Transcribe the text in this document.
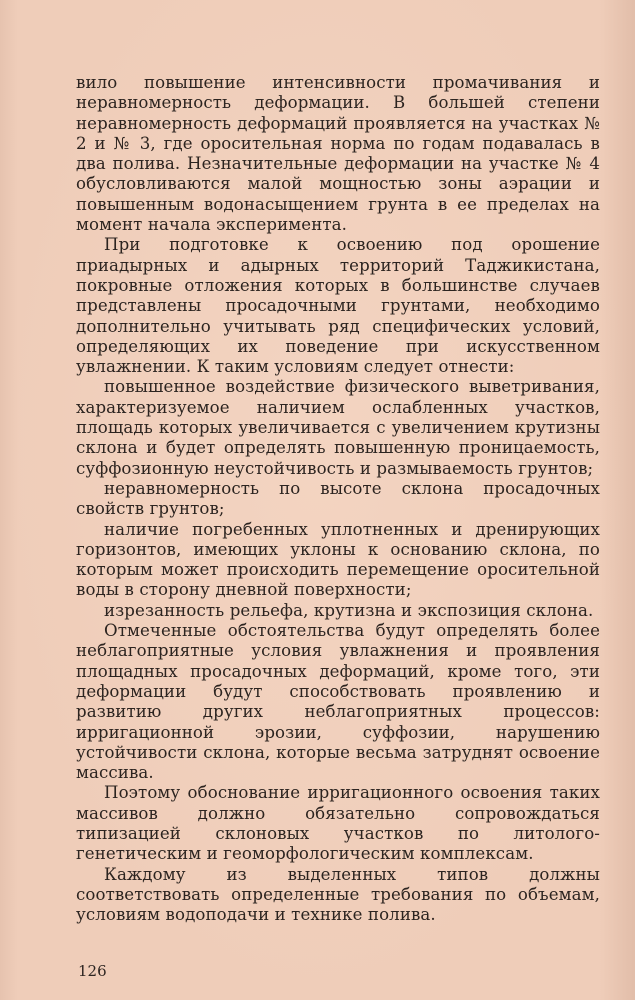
вило повышение интенсивности промачивания и неравномерность деформации. В большей степени неравномерность деформаций проявляется на участках № 2 и № 3, где оросительная норма по годам подавалась в два полива. Незначительные деформации на участке № 4 обусловливаются малой мощностью зоны аэрации и повышенным водонасыщением грунта в ее пределах на момент начала эксперимента.

При подготовке к освоению под орошение приадырных и адырных территорий Таджикистана, покровные отложения которых в большинстве случаев представлены просадочными грунтами, необходимо дополнительно учитывать ряд специфических условий, определяющих их поведение при искусственном увлажнении. К таким условиям следует отнести:

повышенное воздействие физического выветривания, характеризуемое наличием ослабленных участков, площадь которых увеличивается с увеличением крутизны склона и будет определять повышенную проницаемость, суффозионную неустойчивость и размываемость грунтов;

неравномерность по высоте склона просадочных свойств грунтов;

наличие погребенных уплотненных и дренирующих горизонтов, имеющих уклоны к основанию склона, по которым может происходить перемещение оросительной воды в сторону дневной поверхности;

изрезанность рельефа, крутизна и экспозиция склона.

Отмеченные обстоятельства будут определять более неблагоприятные условия увлажнения и проявления площадных просадочных деформаций, кроме того, эти деформации будут способствовать проявлению и развитию других неблагоприятных процессов: ирригационной эрозии, суффозии, нарушению устойчивости склона, которые весьма затруднят освоение массива.

Поэтому обоснование ирригационного освоения таких массивов должно обязательно сопровождаться типизацией склоновых участков по литолого-генетическим и геоморфологическим комплексам.

Каждому из выделенных типов должны соответствовать определенные требования по объемам, условиям водоподачи и технике полива.

126
